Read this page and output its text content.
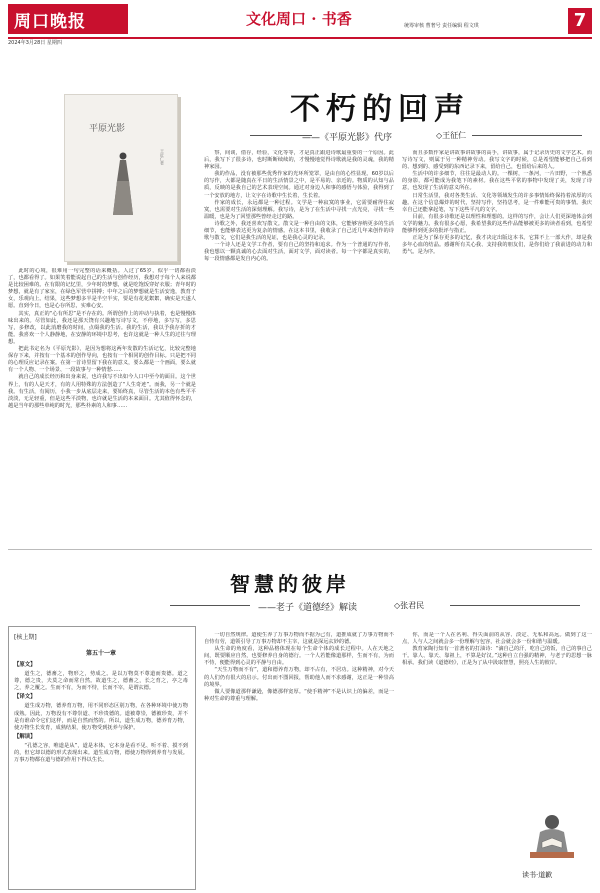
周口晚报	文化周口 · 书香	统筹审核 曹奢号 责任编辑 程文琪	7
2024年3月28日 星期四
平原光影
王征仁著
不朽的回声
——《平原光影》代序	◇王征仁

此时的心境，很难用一句完整的话来概括。人过了65岁，似乎一切都看淡了，也都看得了。如果笑着能说起自己的生活与创作经历，我想对于每个人来说都是比较困难的。在有限的记忆里，少年时的梦想，就是吃饱饭穿好衣服；青年时的梦想，就是有了家室，在绿色军营中拼搏；中年之后的梦想就是生活安逸，教育子女，乐观向上。结果，这些梦想多半是半空半实，要是有花花絮絮，确实是天遂人愿。直到今日，也是心存所思，实难心安。

其实，真正的“心有所思”是不存在的。所谓创作上的冲动与执着，也是慢慢体味出来的。尽管如此，我还是那天饶有兴趣地写诗写文，不停地，多写写，多思写，多修改，以此消磨我的时间，点缀我的生活。我的生活，我以予我存折的才能。我喜欢一个人静静地，在安静的环境中思考，也许这就是一种人生的过往与理想。

把此书定名为《平原光影》，是因为想将这两年发散的生活记忆，比较完整地保存下来，并按有一个基本的创作导向，也按有一个相同的创作目标。只是把不同的心理反应记录在案。在第一首诗里留下我在的意义，要么都是一个画面，要么就有一个人物、一个场景、一段故事与一种情愁……

就自己的成长经历和出身来说，也许我写不出如今人口中至今的面目。这个世界上，有的人是天才，有的人用特殊的方法创造了“人生奇迹”。而我，另一个就是我。有生活，有阅历，小我一步从底层走来，要始终真，尽管生活的本色有些平平淡淡，无足轻重，但是这些平淡物，也许就是生活的本来面目。尤其值得怀念的，越是当年的那些单纯的时光，那些朴素的人和事……

察，间谈，借存，经验，文化等等，才是真正跟进诗歌最重要的一个原因。此后，我写下了很多诗，也时断断续续的，才慢慢地觉得诗歌就是我的灵魂，我的精神家园。

我的作品，没有被那些优秀作家的光环所笼罩，是由自的心性显现。60岁以后的写作，大都是随真在平日的生活情景之中，是平易的、亲近的。物质的认知与品质，反映的是我自己的艺术表现空间。通过对身边人和事的感悟与体验，我得到了一个安放的地方，让文字在诗歌中生长着，生长着。

作家的成长，永远都是一种过程。文学是一种寂寞的事业，它需要耐得住寂寞，也需要对生活的深刻理解。我写诗，是为了在生活中寻找一点光亮，寻找一些温暖，也是为了回望那些曾经走过的路。

诗歌之外，我还喜欢写散文。散文是一种自由的文体，它能够容纳更多的生活细节，也能够表达更为复杂的情感。在这本书里，我收录了自己近几年来创作的诗歌与散文，它们是我生活的见证，也是我心灵的记录。

一个诗人还是文学工作者，要有自己的坚持和追求。作为一个普通的写作者，我也想以一颗真诚的心去面对生活，面对文学，面对读者。每一个字都是真实的，每一段情感都是发自内心的。

而且多数作家是讲故事讲故事的高手，讲故事，属于记录历史的文学艺术。而写诗写文，则属于另一种精神劳动。我写文字的时候，总是希望能够把自己看到的、想到的、感受到的东西记录下来，留给自己，也留给后来的人。

生活中的许多细节，往往是最动人的。一棵树，一条河，一片田野，一个熟悉的身影，都可能成为我笔下的素材。我在这些平常的事物中发现了美，发现了诗意，也发现了生活的意义所在。

日常生活里，我对各类生活、文化等领域发生的许多事情始终保持着浓厚的兴趣。在这个信息爆炸的时代，坚持写作，坚持思考，是一件难能可贵的事情。我庆幸自己还能拿起笔，写下这些平凡的文字。

目前，有很多诗歌还是以理性和理想的。这样的写作，会让人们更深地体会到文学的魅力。我有很多心愿，我希望我的这些作品能够被更多的读者看到，也希望能够得到更多的批评与指正。

正是为了保存更多的记忆，我才决定出版这本书。它算不上一部大作，却是我多年心血的结晶。感谢所有关心我、支持我的朋友们，是你们给了我前进的动力和勇气。是为序。

智慧的彼岸
——老子《道德经》解读	◇张君民
[核上期]
第五十一章
【原文】

道生之，德畜之，物形之，势成之。是以万物莫不尊道而贵德。道之尊，德之贵，夫莫之命而常自然。故道生之，德畜之，长之育之，亭之毒之，养之覆之。生而不有，为而不恃，长而不宰，是谓玄德。

【译文】

道生成万物，德养育万物，用不同形态区别万物，在各种环境中使万物成熟。因此，万物没有不尊崇道、不珍贵德的。道被尊崇，德被珍贵，并不是有谁命令它们这样，而是自然而然的。所以，道生成万物，德养育万物，使万物生长发育，成熟结果，使万物受到抚养与保护。

【解读】

“孔德之容，唯道是从”，道是本体，它本身是看不见、听不着、摸不到的，但它却以德的形式表现出来。道生成万物，德使万物得到养育与发展。万事万物都在道与德的作用下得以生长。

一切自然规律。道使生养了万事万物而不据为己有，道推成就了万事万物而不自恃有劳，道领引导了万事万物却不主宰，这就是深远玄妙的德。

从生命的角度看，这种品格体现在每个生命个体的成长过程中。人在天地之间，既要顺应自然，也要修养自身的德行。一个人若能像道那样，生而不有，为而不恃，便能得到心灵的平静与自由。

“天生万物而不有”，道和德养育万物，却不占有，不居功。这种精神，对今天的人们仍有很大的启示。付出而不图回报，帮助他人而不求感谢，这正是一种崇高的境界。

做人要像道那样谦逊，像德那样宽厚。“使手精神”不是认识上的偏差，而是一种对生命的尊重与理解。

你，而是一个人在名利、得失面前的从容、淡定、无私和高远。做到了这一点，人与人之间就会多一份理解与包容，社会就会多一份和谐与温暖。

教育家陶行知有一首著名的打油诗：“滴自己的汗，吃自己的饭，自己的事自己干。靠人、靠天、靠祖上，不算是好汉。”这种自立自强的精神，与老子的思想一脉相承。我们读《道德经》，正是为了从中汲取智慧，照亮人生的彼岸。

读书·道歉
